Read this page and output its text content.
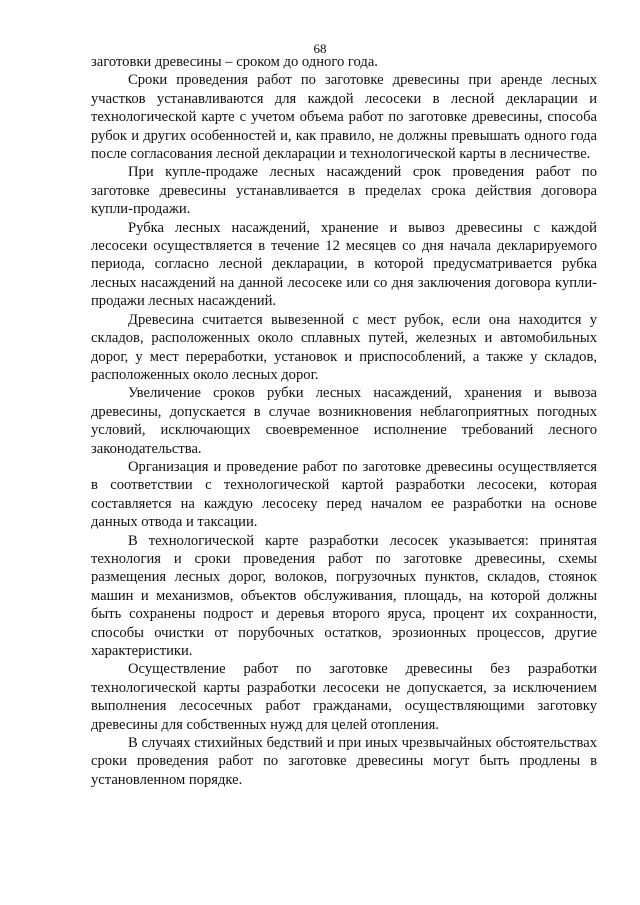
68

заготовки древесины – сроком до одного года.

Сроки проведения работ по заготовке древесины при аренде лесных участков устанавливаются для каждой лесосеки в лесной декларации и технологической карте с учетом объема работ по заготовке древесины, способа рубок и других особенностей и, как правило, не должны превышать одного года после согласования лесной декларации и технологической карты в лесничестве.

При купле-продаже лесных насаждений срок проведения работ по заготовке древесины устанавливается в пределах срока действия договора купли-продажи.

Рубка лесных насаждений, хранение и вывоз древесины с каждой лесосеки осуществляется в течение 12 месяцев со дня начала декларируемого периода, согласно лесной декларации, в которой предусматривается рубка лесных насаждений на данной лесосеке или со дня заключения договора купли-продажи лесных насаждений.

Древесина считается вывезенной с мест рубок, если она находится у складов, расположенных около сплавных путей, железных и автомобильных дорог, у мест переработки, установок и приспособлений, а также у складов, расположенных около лесных дорог.

Увеличение сроков рубки лесных насаждений, хранения и вывоза древесины, допускается в случае возникновения неблагоприятных погодных условий, исключающих своевременное исполнение требований лесного законодательства.

Организация и проведение работ по заготовке древесины осуществляется в соответствии с технологической картой разработки лесосеки, которая составляется на каждую лесосеку перед началом ее разработки на основе данных отвода и таксации.

В технологической карте разработки лесосек указывается: принятая технология и сроки проведения работ по заготовке древесины, схемы размещения лесных дорог, волоков, погрузочных пунктов, складов, стоянок машин и механизмов, объектов обслуживания, площадь, на которой должны быть сохранены подрост и деревья второго яруса, процент их сохранности, способы очистки от порубочных остатков, эрозионных процессов, другие характеристики.

Осуществление работ по заготовке древесины без разработки технологической карты разработки лесосеки не допускается, за исключением выполнения лесосечных работ гражданами, осуществляющими заготовку древесины для собственных нужд для целей отопления.

В случаях стихийных бедствий и при иных чрезвычайных обстоятельствах сроки проведения работ по заготовке древесины могут быть продлены в установленном порядке.
